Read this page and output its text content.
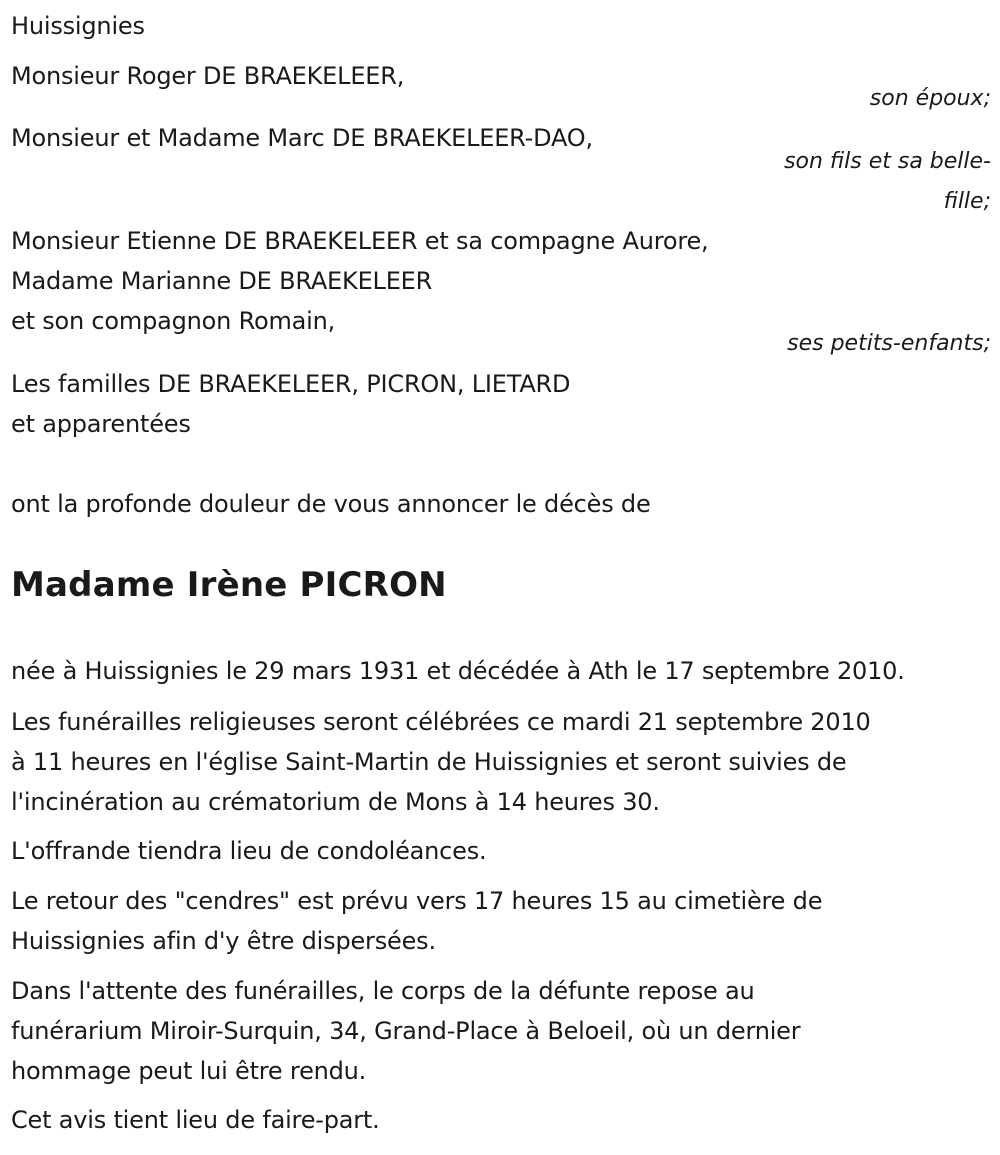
Huissignies
Monsieur Roger DE BRAEKELEER,
son époux;
Monsieur et Madame Marc DE BRAEKELEER-DAO,
son fils et sa belle-fille;
Monsieur Etienne DE BRAEKELEER et sa compagne Aurore,
Madame Marianne DE BRAEKELEER
et son compagnon Romain,
ses petits-enfants;
Les familles DE BRAEKELEER, PICRON, LIETARD
et apparentées
ont la profonde douleur de vous annoncer le décès de
Madame Irène PICRON
née à Huissignies le 29 mars 1931 et décédée à Ath le 17 septembre 2010.
Les funérailles religieuses seront célébrées ce mardi 21 septembre 2010
à 11 heures en l'église Saint-Martin de Huissignies et seront suivies de
l'incinération au crématorium de Mons à 14 heures 30.
L'offrande tiendra lieu de condoléances.
Le retour des "cendres" est prévu vers 17 heures 15 au cimetière de
Huissignies afin d'y être dispersées.
Dans l'attente des funérailles, le corps de la défunte repose au
funérarium Miroir-Surquin, 34, Grand-Place à Beloeil, où un dernier
hommage peut lui être rendu.
Cet avis tient lieu de faire-part.
